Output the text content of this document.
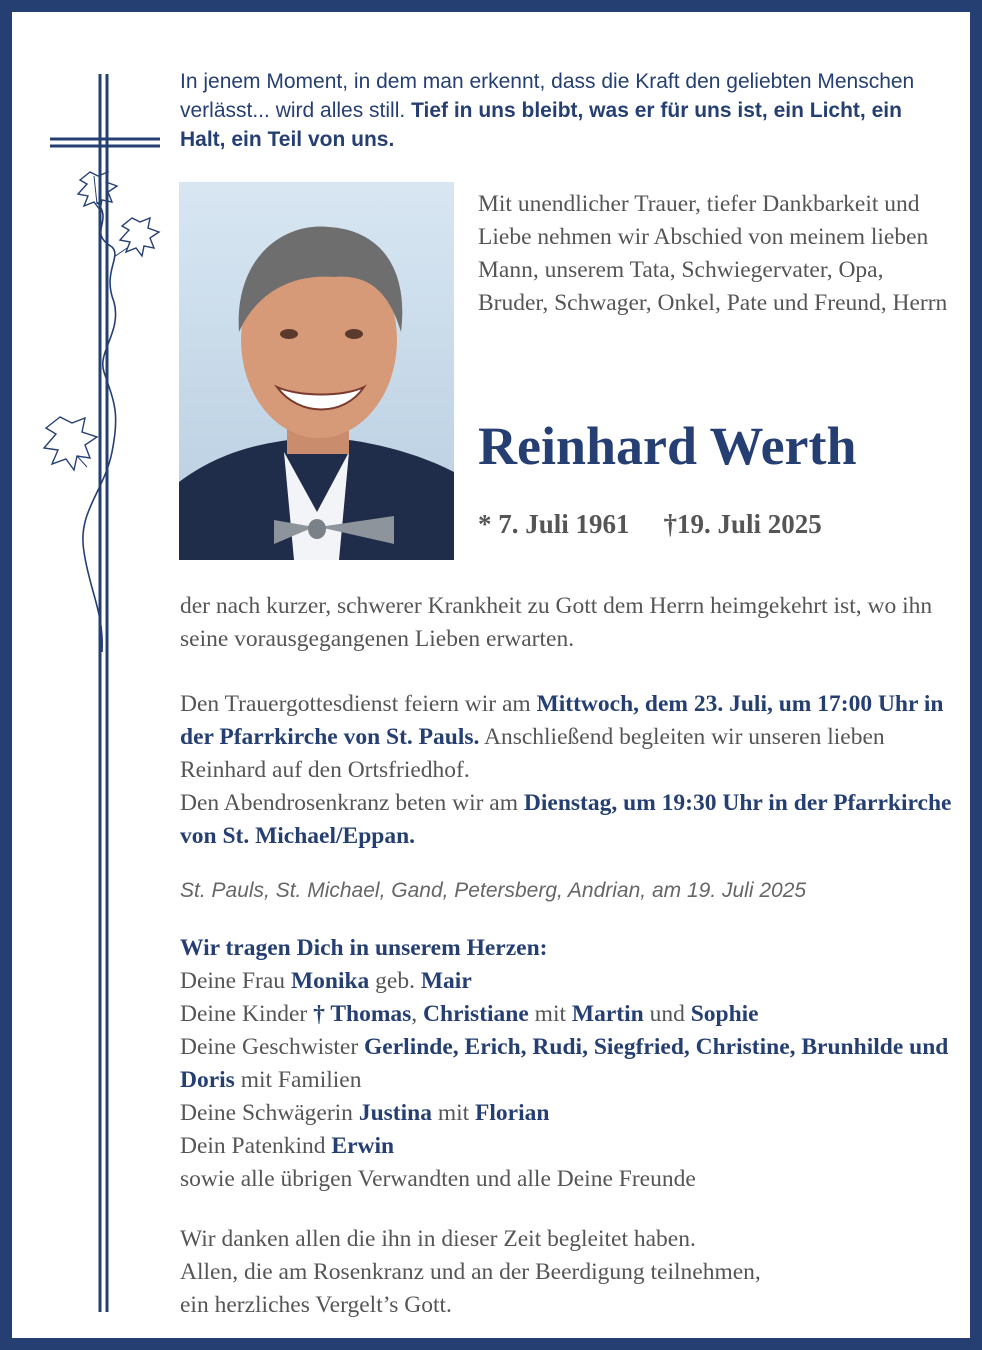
In jenem Moment, in dem man erkennt, dass die Kraft den geliebten Menschen verlässt... wird alles still. Tief in uns bleibt, was er für uns ist, ein Licht, ein Halt, ein Teil von uns.
Mit unendlicher Trauer, tiefer Dankbarkeit und Liebe nehmen wir Abschied von meinem lieben Mann, unserem Tata, Schwiegervater, Opa, Bruder, Schwager, Onkel, Pate und Freund, Herrn
Reinhard Werth
* 7. Juli 1961 †19. Juli 2025
der nach kurzer, schwerer Krankheit zu Gott dem Herrn heimgekehrt ist, wo ihn seine vorausgegangenen Lieben erwarten.
Den Trauergottesdienst feiern wir am Mittwoch, dem 23. Juli, um 17:00 Uhr in der Pfarrkirche von St. Pauls. Anschließend begleiten wir unseren lieben Reinhard auf den Ortsfriedhof.
Den Abendrosenkranz beten wir am Dienstag, um 19:30 Uhr in der Pfarrkirche von St. Michael/Eppan.
St. Pauls, St. Michael, Gand, Petersberg, Andrian, am 19. Juli 2025
Wir tragen Dich in unserem Herzen:
Deine Frau Monika geb. Mair
Deine Kinder † Thomas, Christiane mit Martin und Sophie
Deine Geschwister Gerlinde, Erich, Rudi, Siegfried, Christine, Brunhilde und Doris mit Familien
Deine Schwägerin Justina mit Florian
Dein Patenkind Erwin
sowie alle übrigen Verwandten und alle Deine Freunde
Wir danken allen die ihn in dieser Zeit begleitet haben.
Allen, die am Rosenkranz und an der Beerdigung teilnehmen,
ein herzliches Vergelt’s Gott.
